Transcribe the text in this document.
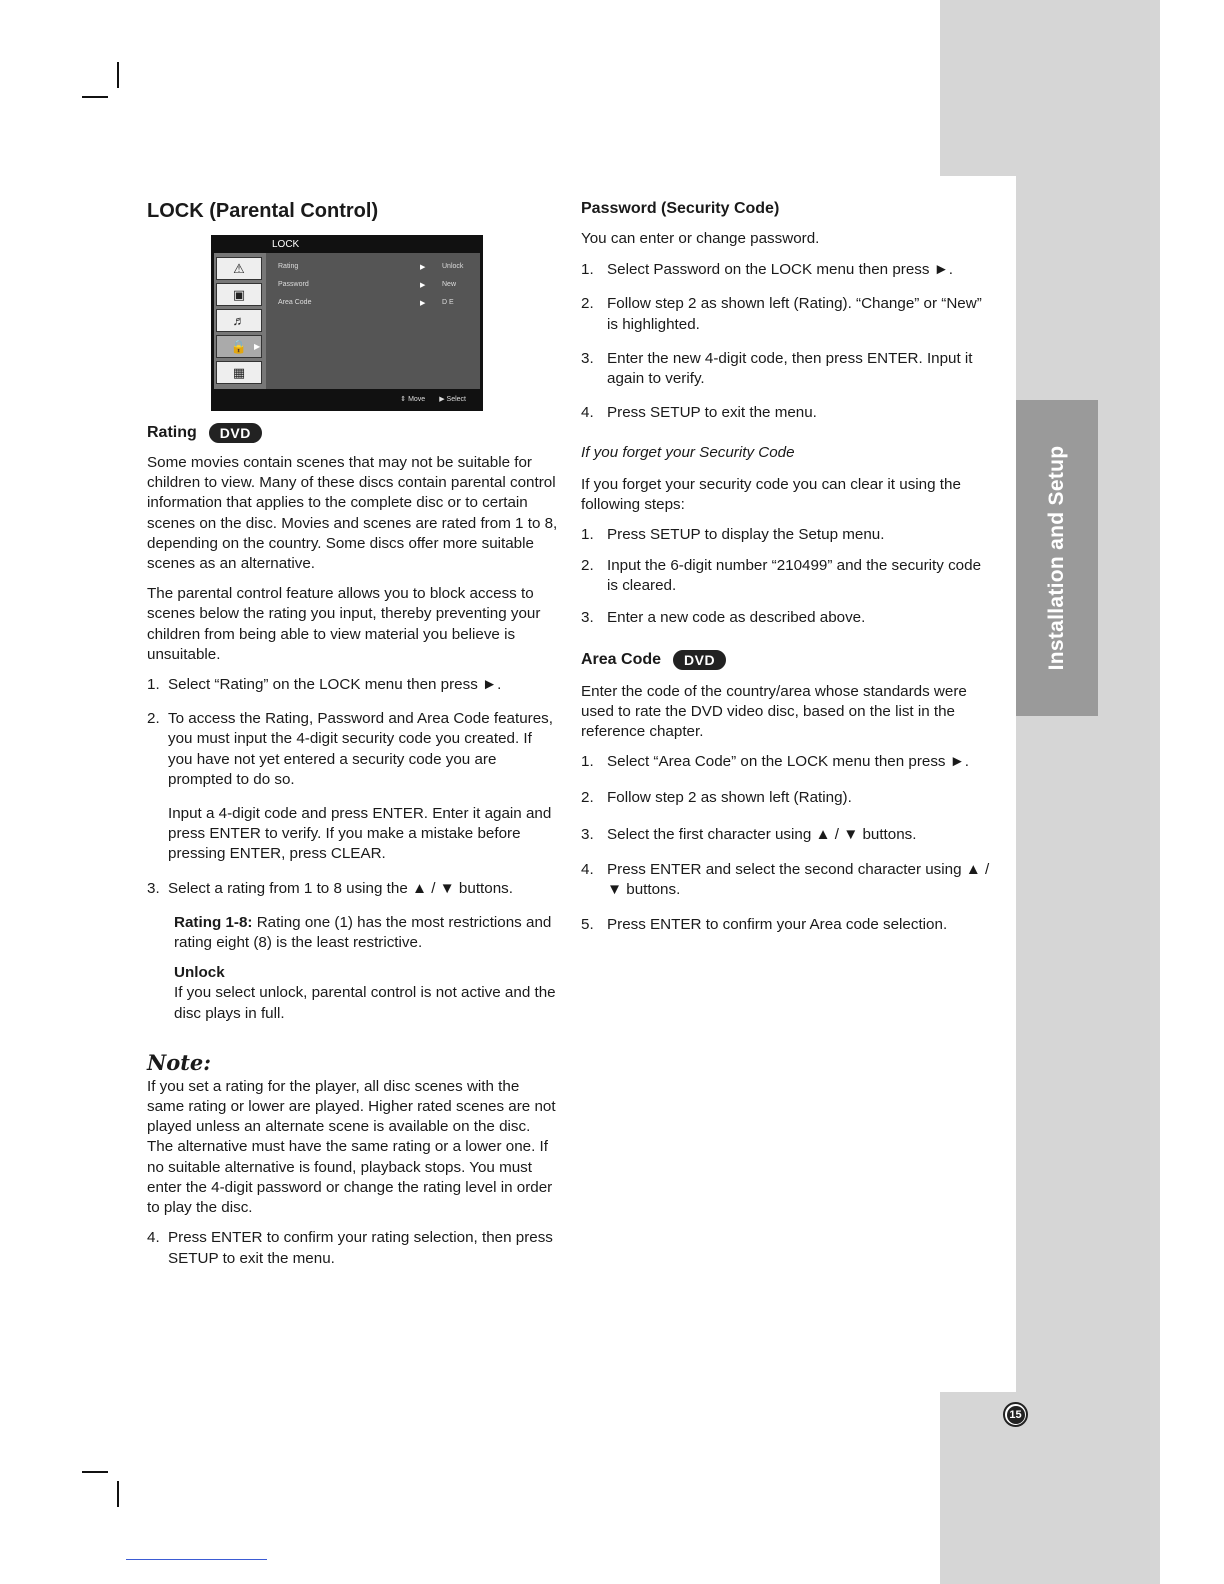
Installation and Setup
15
LOCK (Parental Control)
LOCK
⚠
▣
♬
🔒 ▶
▦
Rating	▶ Unlock
Password	▶ New
Area Code	▶ D E
⇕ Move ▶ Select
Rating	DVD

Some movies contain scenes that may not be suitable for children to view. Many of these discs contain parental control information that applies to the complete disc or to certain scenes on the disc. Movies and scenes are rated from 1 to 8, depending on the country. Some discs offer more suitable scenes as an alternative.

The parental control feature allows you to block access to scenes below the rating you input, thereby preventing your children from being able to view material you believe is unsuitable.

1. Select “Rating” on the LOCK menu then press ►.
2. To access the Rating, Password and Area Code features, you must input the 4-digit security code you created. If you have not yet entered a security code you are prompted to do so.

Input a 4-digit code and press ENTER. Enter it again and press ENTER to verify. If you make a mistake before pressing ENTER, press CLEAR.

3. Select a rating from 1 to 8 using the ▲ / ▼ buttons.

Rating 1-8: Rating one (1) has the most restrictions and rating eight (8) is the least restrictive.

Unlock
If you select unlock, parental control is not active and the disc plays in full.

Note:

If you set a rating for the player, all disc scenes with the same rating or lower are played. Higher rated scenes are not played unless an alternate scene is available on the disc. The alternative must have the same rating or a lower one. If no suitable alternative is found, playback stops. You must enter the 4-digit password or change the rating level in order to play the disc.

4. Press ENTER to confirm your rating selection, then press SETUP to exit the menu.
Password (Security Code)

You can enter or change password.

1. Select Password on the LOCK menu then press ►.
2. Follow step 2 as shown left (Rating). “Change” or “New” is highlighted.
3. Enter the new 4-digit code, then press ENTER. Input it again to verify.
4. Press SETUP to exit the menu.

If you forget your Security Code

If you forget your security code you can clear it using the following steps:

1. Press SETUP to display the Setup menu.
2. Input the 6-digit number “210499” and the security code is cleared.
3. Enter a new code as described above.
Area Code	DVD

Enter the code of the country/area whose standards were used to rate the DVD video disc, based on the list in the reference chapter.

1. Select “Area Code” on the LOCK menu then press ►.
2. Follow step 2 as shown left (Rating).
3. Select the first character using ▲ / ▼ buttons.
4. Press ENTER and select the second character using ▲ / ▼ buttons.
5. Press ENTER to confirm your Area code selection.
